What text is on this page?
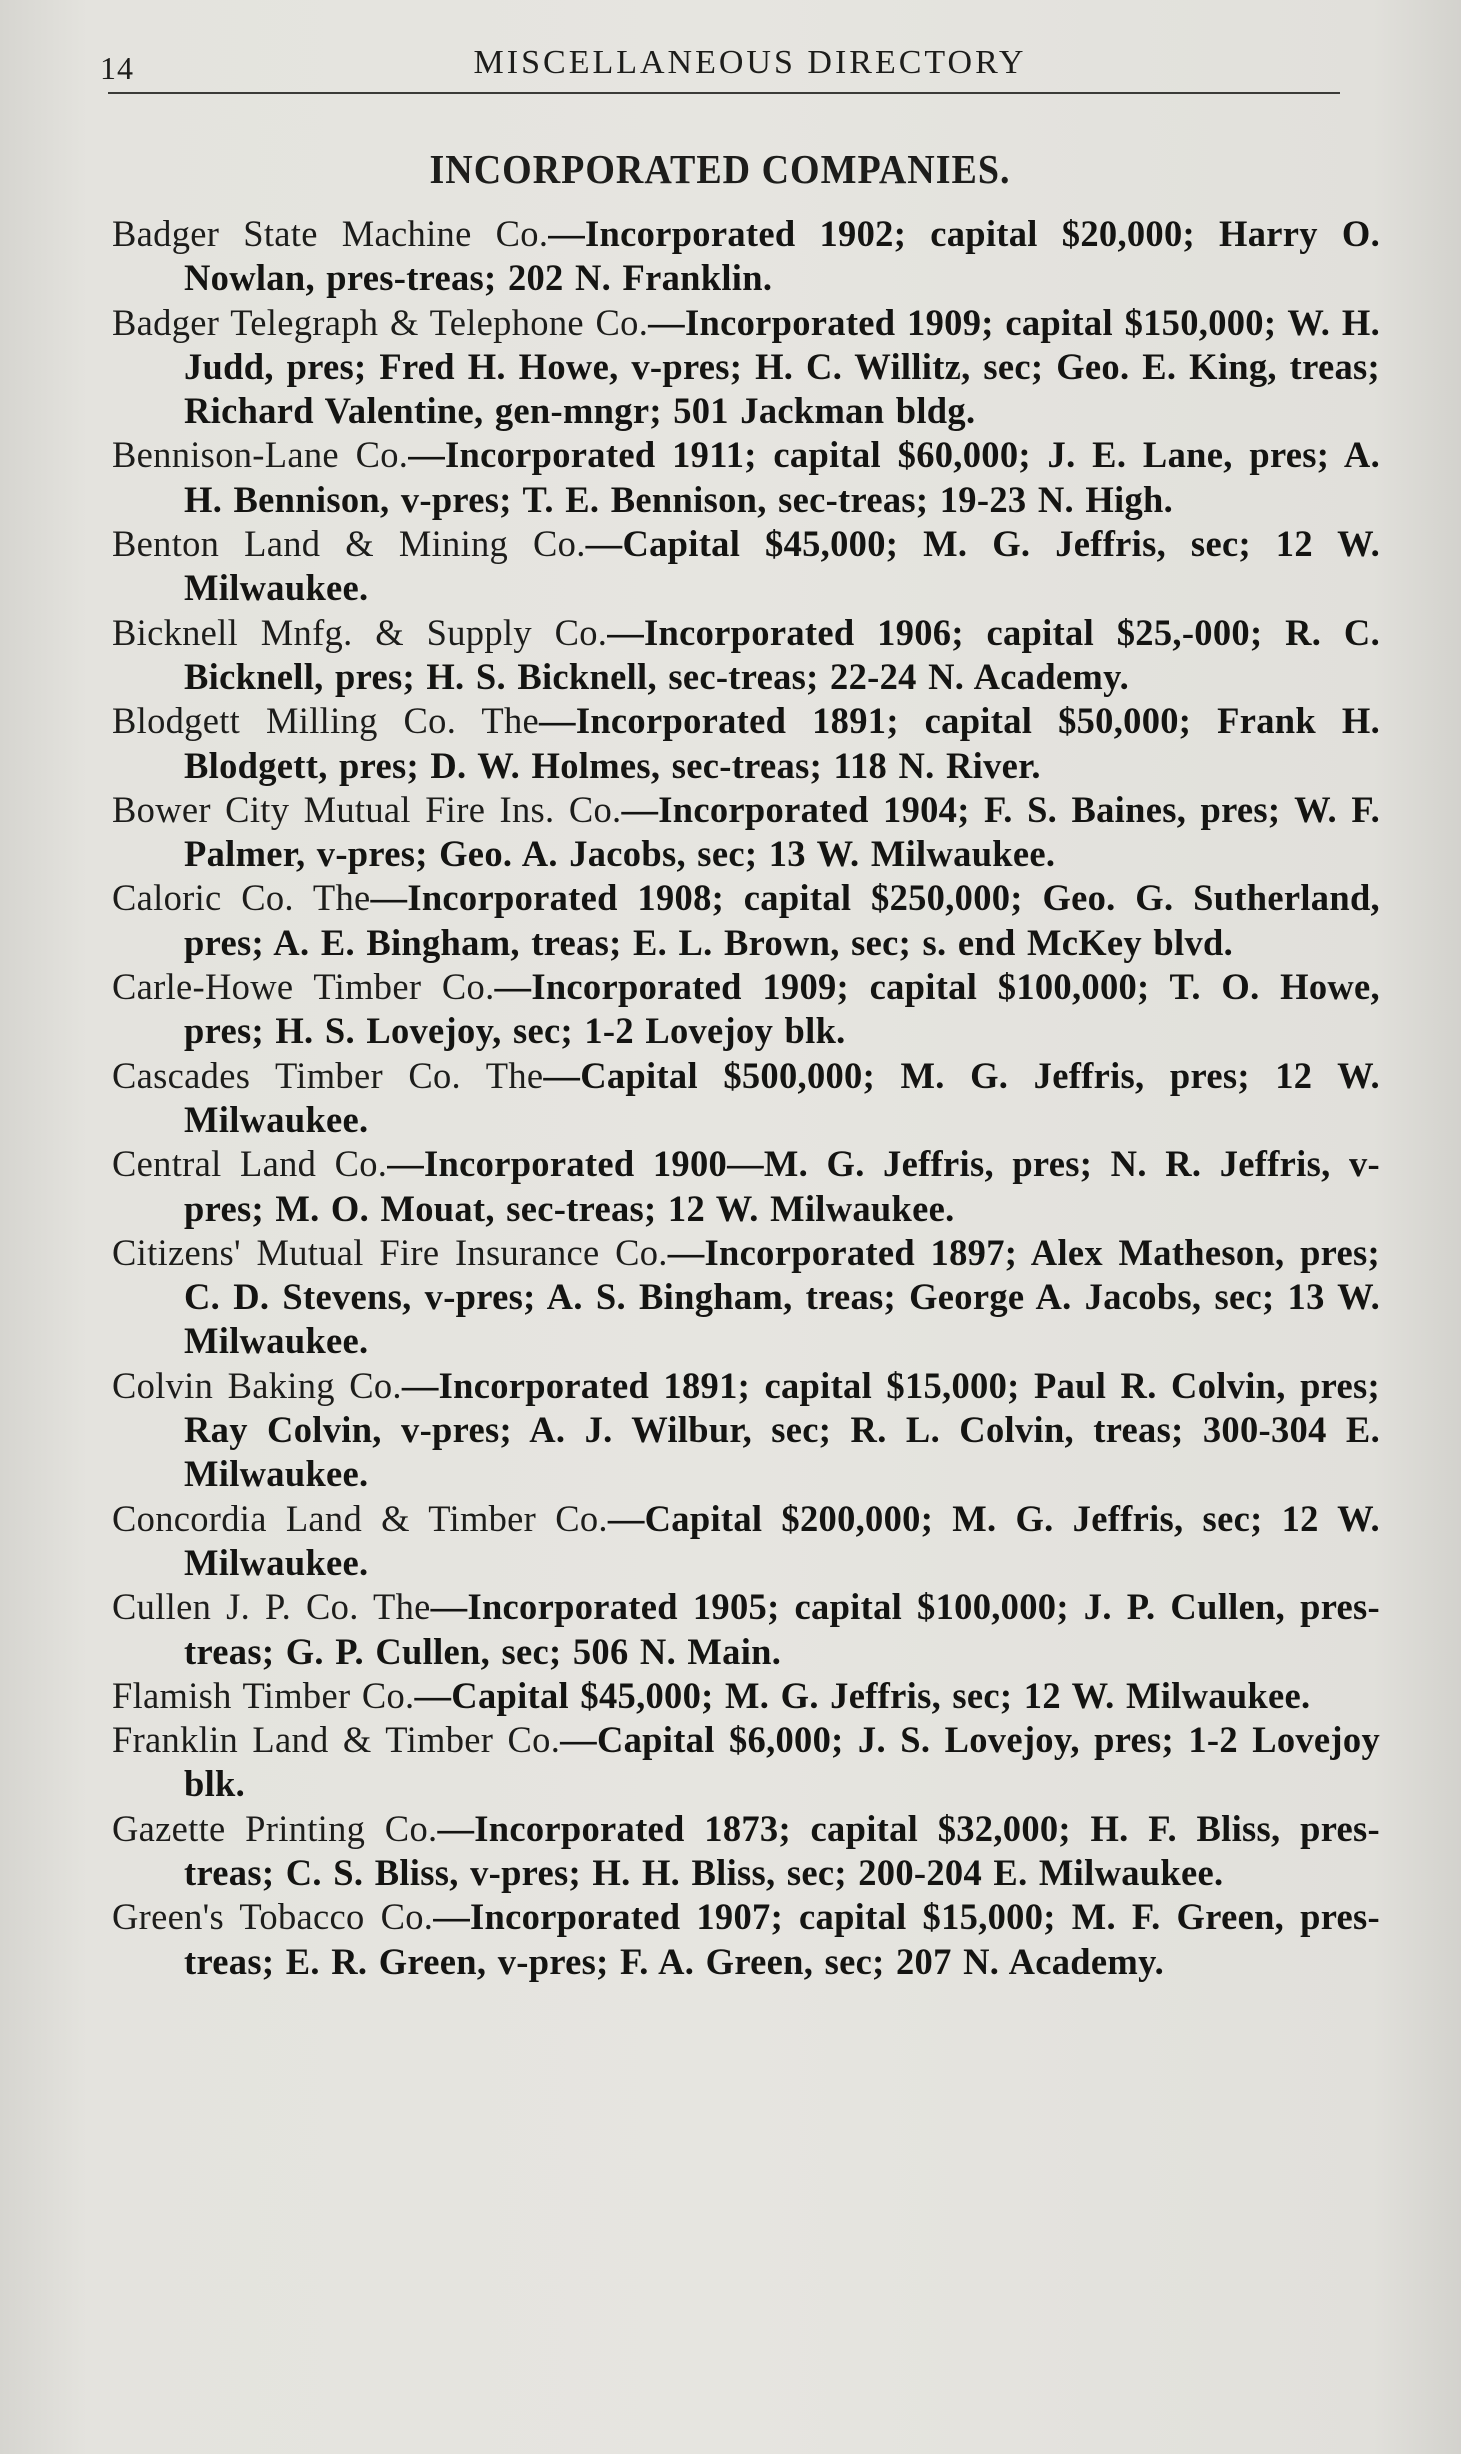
14	MISCELLANEOUS DIRECTORY
INCORPORATED COMPANIES.
Badger State Machine Co.—Incorporated 1902; capital $20,000; Harry O. Nowlan, pres-treas; 202 N. Franklin.
Badger Telegraph & Telephone Co.—Incorporated 1909; capital $150,000; W. H. Judd, pres; Fred H. Howe, v-pres; H. C. Willitz, sec; Geo. E. King, treas; Richard Valentine, gen-mngr; 501 Jackman bldg.
Bennison-Lane Co.—Incorporated 1911; capital $60,000; J. E. Lane, pres; A. H. Bennison, v-pres; T. E. Bennison, sec-treas; 19-23 N. High.
Benton Land & Mining Co.—Capital $45,000; M. G. Jeffris, sec; 12 W. Milwaukee.
Bicknell Mnfg. & Supply Co.—Incorporated 1906; capital $25,-000; R. C. Bicknell, pres; H. S. Bicknell, sec-treas; 22-24 N. Academy.
Blodgett Milling Co. The—Incorporated 1891; capital $50,000; Frank H. Blodgett, pres; D. W. Holmes, sec-treas; 118 N. River.
Bower City Mutual Fire Ins. Co.—Incorporated 1904; F. S. Baines, pres; W. F. Palmer, v-pres; Geo. A. Jacobs, sec; 13 W. Milwaukee.
Caloric Co. The—Incorporated 1908; capital $250,000; Geo. G. Sutherland, pres; A. E. Bingham, treas; E. L. Brown, sec; s. end McKey blvd.
Carle-Howe Timber Co.—Incorporated 1909; capital $100,000; T. O. Howe, pres; H. S. Lovejoy, sec; 1-2 Lovejoy blk.
Cascades Timber Co. The—Capital $500,000; M. G. Jeffris, pres; 12 W. Milwaukee.
Central Land Co.—Incorporated 1900—M. G. Jeffris, pres; N. R. Jeffris, v-pres; M. O. Mouat, sec-treas; 12 W. Milwaukee.
Citizens' Mutual Fire Insurance Co.—Incorporated 1897; Alex Matheson, pres; C. D. Stevens, v-pres; A. S. Bingham, treas; George A. Jacobs, sec; 13 W. Milwaukee.
Colvin Baking Co.—Incorporated 1891; capital $15,000; Paul R. Colvin, pres; Ray Colvin, v-pres; A. J. Wilbur, sec; R. L. Colvin, treas; 300-304 E. Milwaukee.
Concordia Land & Timber Co.—Capital $200,000; M. G. Jeffris, sec; 12 W. Milwaukee.
Cullen J. P. Co. The—Incorporated 1905; capital $100,000; J. P. Cullen, pres-treas; G. P. Cullen, sec; 506 N. Main.
Flamish Timber Co.—Capital $45,000; M. G. Jeffris, sec; 12 W. Milwaukee.
Franklin Land & Timber Co.—Capital $6,000; J. S. Lovejoy, pres; 1-2 Lovejoy blk.
Gazette Printing Co.—Incorporated 1873; capital $32,000; H. F. Bliss, pres-treas; C. S. Bliss, v-pres; H. H. Bliss, sec; 200-204 E. Milwaukee.
Green's Tobacco Co.—Incorporated 1907; capital $15,000; M. F. Green, pres-treas; E. R. Green, v-pres; F. A. Green, sec; 207 N. Academy.
